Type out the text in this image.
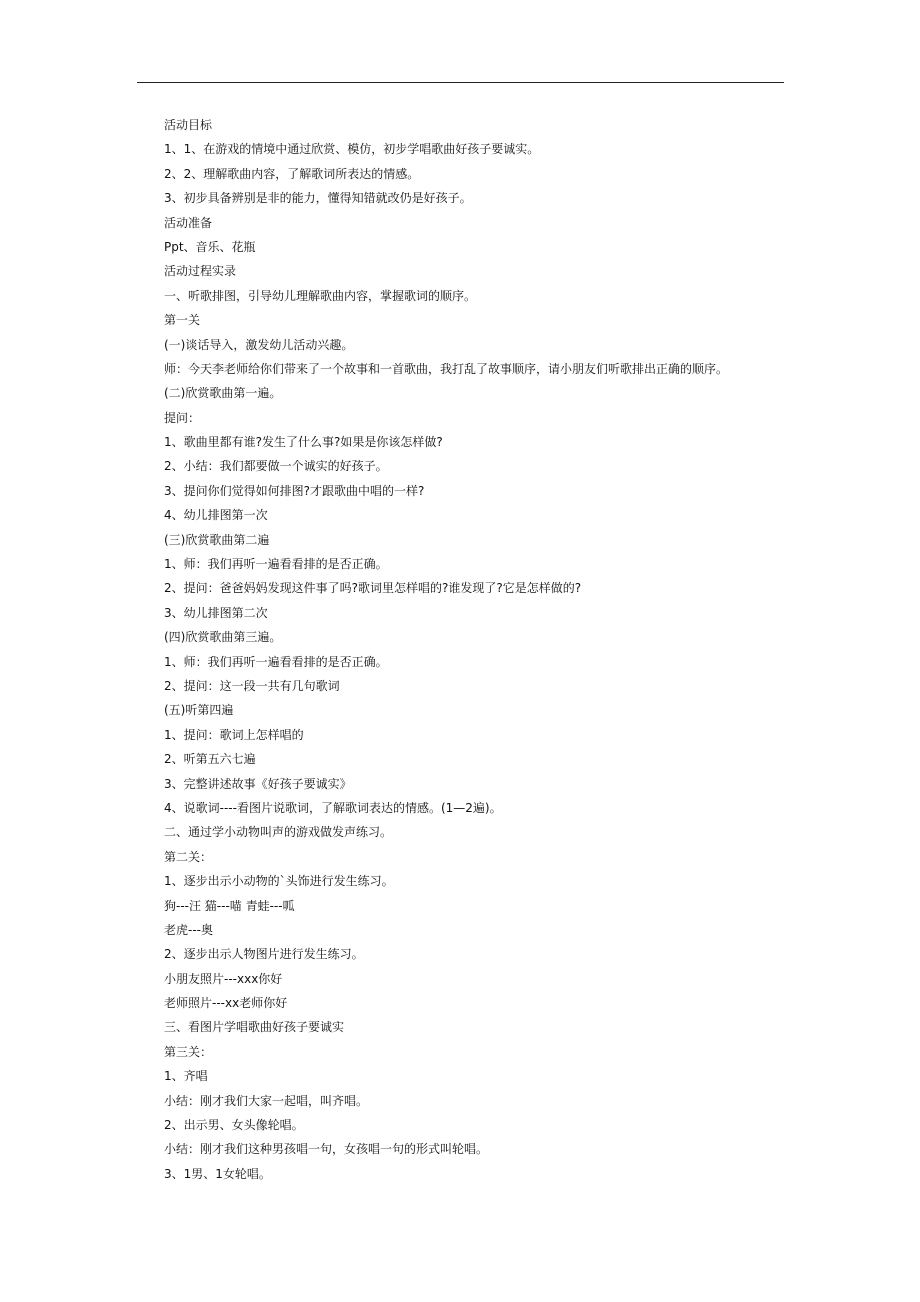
活动目标
1、1、在游戏的情境中通过欣赏、模仿，初步学唱歌曲好孩子要诚实。
2、2、理解歌曲内容，了解歌词所表达的情感。
3、初步具备辨别是非的能力，懂得知错就改仍是好孩子。
活动准备
Ppt、音乐、花瓶
活动过程实录
一、听歌排图，引导幼儿理解歌曲内容，掌握歌词的顺序。
第一关
(一)谈话导入，激发幼儿活动兴趣。
师：今天李老师给你们带来了一个故事和一首歌曲，我打乱了故事顺序，请小朋友们听歌排出正确的顺序。
(二)欣赏歌曲第一遍。
提问：
1、歌曲里都有谁?发生了什么事?如果是你该怎样做?
2、小结：我们都要做一个诚实的好孩子。
3、提问你们觉得如何排图?才跟歌曲中唱的一样?
4、幼儿排图第一次
(三)欣赏歌曲第二遍
1、师：我们再听一遍看看排的是否正确。
2、提问：爸爸妈妈发现这件事了吗?歌词里怎样唱的?谁发现了?它是怎样做的?
3、幼儿排图第二次
(四)欣赏歌曲第三遍。
1、师：我们再听一遍看看排的是否正确。
2、提问：这一段一共有几句歌词
(五)听第四遍
1、提问：歌词上怎样唱的
2、听第五六七遍
3、完整讲述故事《好孩子要诚实》
4、说歌词----看图片说歌词，了解歌词表达的情感。(1—2遍)。
二、通过学小动物叫声的游戏做发声练习。
第二关：
1、逐步出示小动物的`头饰进行发生练习。
狗---汪 猫---喵 青蛙---呱
老虎---奥
2、逐步出示人物图片进行发生练习。
小朋友照片---xxx你好
老师照片---xx老师你好
三、看图片学唱歌曲好孩子要诚实
第三关：
1、齐唱
小结：刚才我们大家一起唱，叫齐唱。
2、出示男、女头像轮唱。
小结：刚才我们这种男孩唱一句，女孩唱一句的形式叫轮唱。
3、1男、1女轮唱。
